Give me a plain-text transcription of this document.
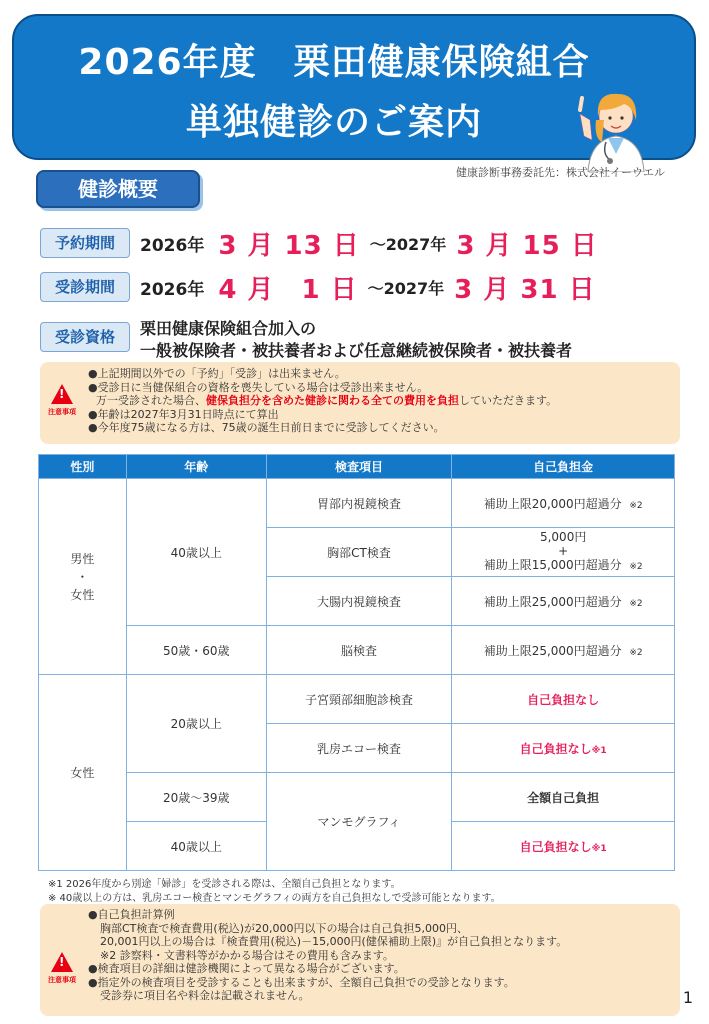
2026年度　栗田健康保険組合
単独健診のご案内
健康診断事務委託先：株式会社イーウエル
健診概要
予約期間	2026年 3 月 13 日 ～2027年 3 月 15 日
受診期間	2026年 4 月　1 日 ～2027年 3 月 31 日
受診資格	栗田健康保険組合加入の
一般被保険者・被扶養者および任意継続被保険者・被扶養者
!
注意事項
●上記期間以外での「予約」「受診」は出来ません。
●受診日に当健保組合の資格を喪失している場合は受診出来ません。
万一受診された場合、健保負担分を含めた健診に関わる全ての費用を負担していただきます。
●年齢は2027年3月31日時点にて算出
●今年度75歳になる方は、75歳の誕生日前日までに受診してください。
性別	年齢	検査項目	自己負担金
男性
・
女性	40歳以上	胃部内視鏡検査	補助上限20,000円超過分 ※2
		胸部CT検査	5,000円
+
補助上限15,000円超過分 ※2

		大腸内視鏡検査	補助上限25,000円超過分 ※2
	50歳・60歳	脳検査	補助上限25,000円超過分 ※2
女性	20歳以上	子宮頸部細胞診検査	自己負担なし
		乳房エコー検査	自己負担なし※1
	20歳～39歳	マンモグラフィ	全額自己負担
	40歳以上		自己負担なし※1
※1 2026年度から別途「婦診」を受診される際は、全額自己負担となります。
※ 40歳以上の方は、乳房エコー検査とマンモグラフィの両方を自己負担なしで受診可能となります。
!
注意事項
●自己負担計算例
胸部CT検査で検査費用(税込)が20,000円以下の場合は自己負担5,000円、
20,001円以上の場合は『検査費用(税込)－15,000円(健保補助上限)』が自己負担となります。
※2 診察料・文書料等がかかる場合はその費用も含みます。
●検査項目の詳細は健診機関によって異なる場合がございます。
●指定外の検査項目を受診することも出来ますが、全額自己負担での受診となります。
受診券に項目名や料金は記載されません。	1
